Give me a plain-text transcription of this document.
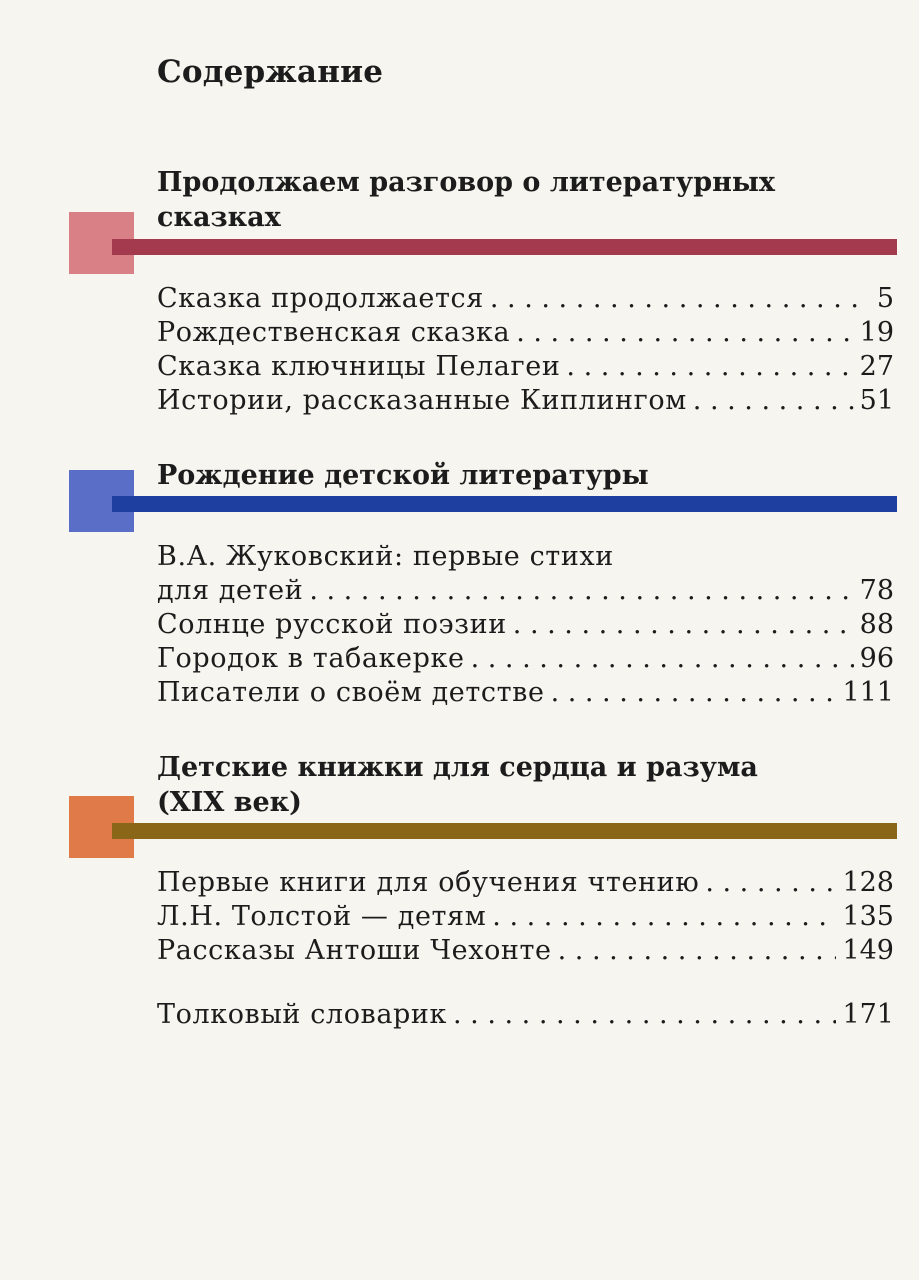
Содержание
Продолжаем разговор о литературных
сказках
Сказка продолжается . . .	5
Рождественская сказка . . .	19
Сказка ключницы Пелагеи . . .	27
Истории, рассказанные Киплингом . . .	51
Рождение детской литературы
В.А. Жуковский: первые стихи
для детей . . .	78
Солнце русской поэзии . . .	88
Городок в табакерке . . .	96
Писатели о своём детстве . . .	111
Детские книжки для сердца и разума
(XIX век)
Первые книги для обучения чтению . . .	128
Л.Н. Толстой — детям . . .	135
Рассказы Антоши Чехонте . . .	149
Толковый словарик . . .	171
